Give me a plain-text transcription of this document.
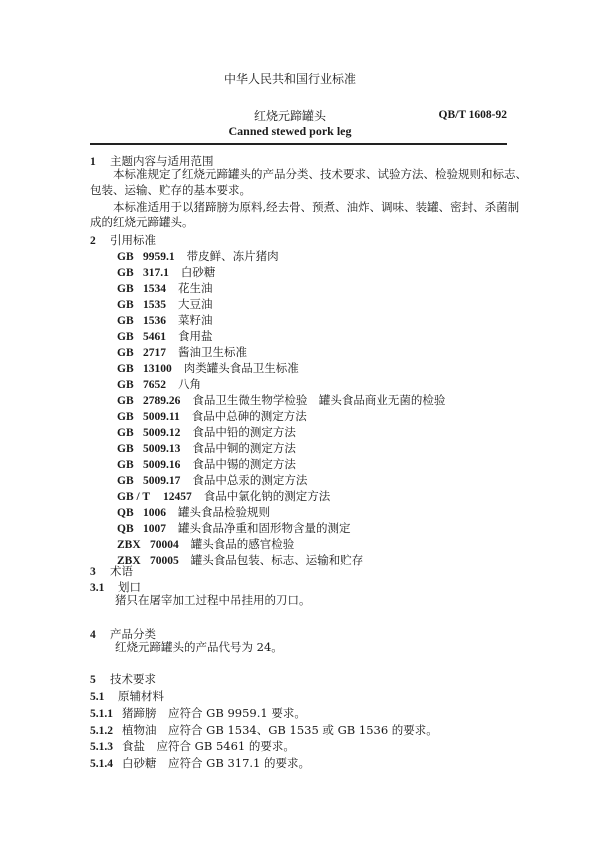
中华人民共和国行业标准
红烧元蹄罐头	QB/T 1608-92
Canned stewed pork leg
1 主题内容与适用范围
本标准规定了红烧元蹄罐头的产品分类、技术要求、试验方法、检验规则和标志、
包装、运输、贮存的基本要求。
本标准适用于以猪蹄膀为原料,经去骨、预煮、油炸、调味、装罐、密封、杀菌制
成的红烧元蹄罐头。
2 引用标准
GB 9959.1 带皮鲜、冻片猪肉
GB 317.1 白砂糖
GB 1534 花生油
GB 1535 大豆油
GB 1536 菜籽油
GB 5461 食用盐
GB 2717 酱油卫生标准
GB 13100 肉类罐头食品卫生标准
GB 7652 八角
GB 2789.26 食品卫生微生物学检验　罐头食品商业无菌的检验
GB 5009.11 食品中总砷的测定方法
GB 5009.12 食品中铅的测定方法
GB 5009.13 食品中铜的测定方法
GB 5009.16 食品中锡的测定方法
GB 5009.17 食品中总汞的测定方法
GB / T 12457 食品中氯化钠的测定方法
QB 1006 罐头食品检验规则
QB 1007 罐头食品净重和固形物含量的测定
ZBX 70004 罐头食品的感官检验
ZBX 70005 罐头食品包装、标志、运输和贮存
3 术语
3.1 划口
猪只在屠宰加工过程中吊挂用的刀口。
4 产品分类
红烧元蹄罐头的产品代号为 24。
5 技术要求
5.1 原辅材料
5.1.1 猪蹄膀　 应符合 GB 9959.1 要求。
5.1.2 植物油　 应符合 GB 1534、GB 1535 或 GB 1536 的要求。
5.1.3 食盐　 应符合 GB 5461 的要求。
5.1.4 白砂糖　 应符合 GB 317.1 的要求。
